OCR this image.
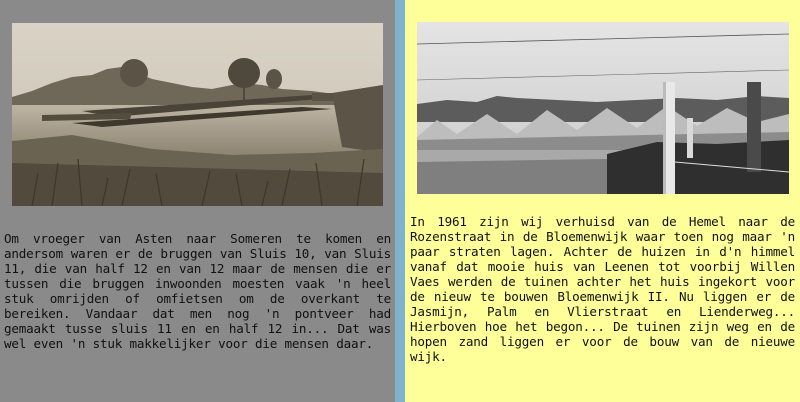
Om vroeger van Asten naar Someren te komen en andersom waren er de bruggen van Sluis 10, van Sluis 11, die van half 12 en van 12 maar de mensen die er tussen die bruggen inwoonden moesten vaak 'n heel stuk omrijden of omfietsen om de overkant te bereiken. Vandaar dat men nog 'n pontveer had gemaakt tusse sluis 11 en en half 12 in... Dat was wel even 'n stuk makkelijker voor die mensen daar.
In 1961 zijn wij verhuisd van de Hemel naar de Rozenstraat in de Bloemenwijk waar toen nog maar 'n paar straten lagen. Achter de huizen in d'n himmel vanaf dat mooie huis van Leenen tot voorbij Willen Vaes werden de tuinen achter het huis ingekort voor de nieuw te bouwen Bloemenwijk II. Nu liggen er de Jasmijn, Palm en Vlierstraat en Lienderweg... Hierboven hoe het begon... De tuinen zijn weg en de hopen zand liggen er voor de bouw van de nieuwe wijk.
